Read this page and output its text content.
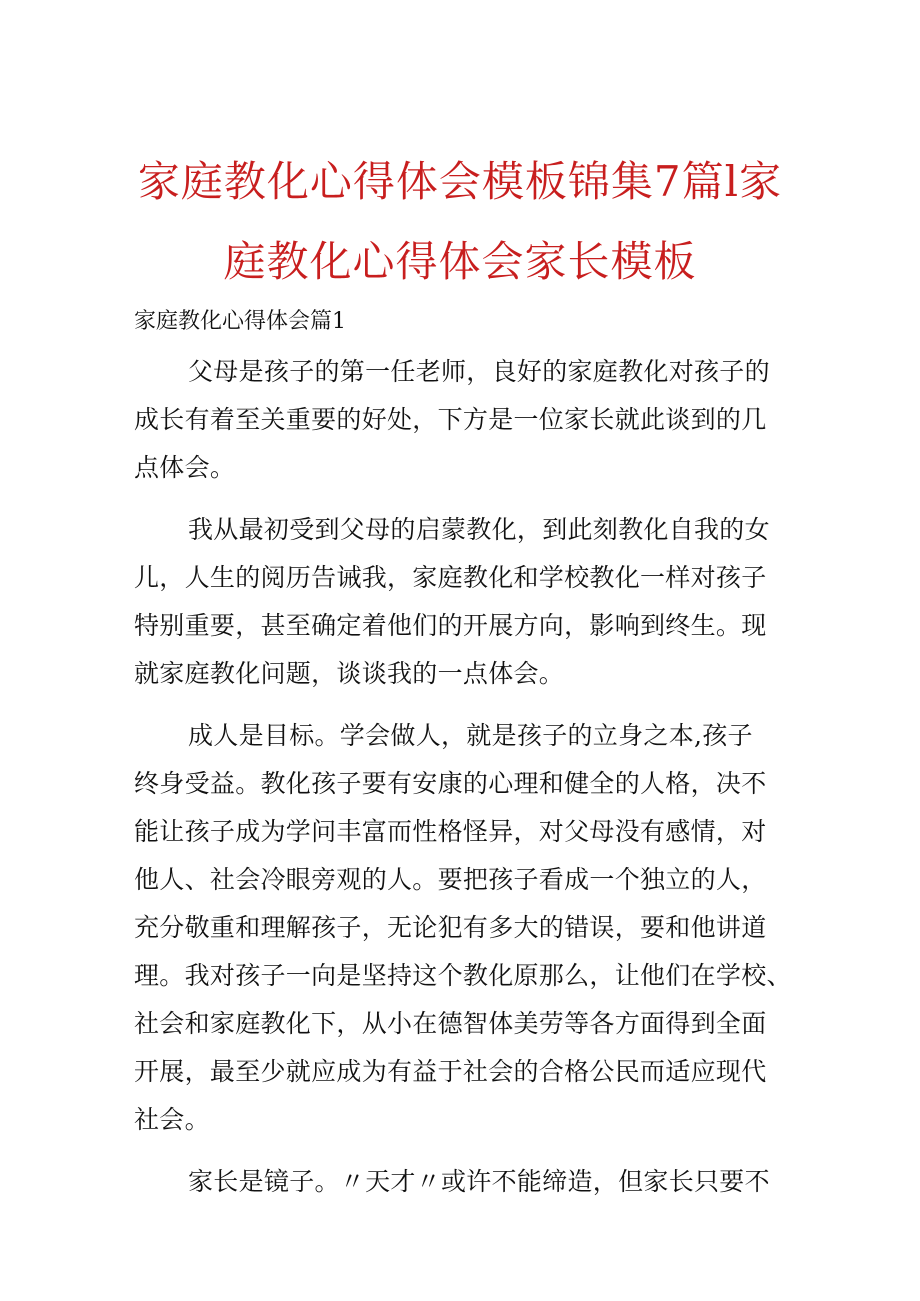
家庭教化心得体会模板锦集7篇l家
庭教化心得体会家长模板
家庭教化心得体会篇1

父母是孩子的第一任老师，良好的家庭教化对孩子的
成长有着至关重要的好处，下方是一位家长就此谈到的几
点体会。

我从最初受到父母的启蒙教化，到此刻教化自我的女
儿，人生的阅历告诫我，家庭教化和学校教化一样对孩子
特别重要，甚至确定着他们的开展方向，影响到终生。现
就家庭教化问题，谈谈我的一点体会。

成人是目标。学会做人，就是孩子的立身之本,孩子
终身受益。教化孩子要有安康的心理和健全的人格，决不
能让孩子成为学问丰富而性格怪异，对父母没有感情，对
他人、社会冷眼旁观的人。要把孩子看成一个独立的人，
充分敬重和理解孩子，无论犯有多大的错误，要和他讲道
理。我对孩子一向是坚持这个教化原那么，让他们在学校、
社会和家庭教化下，从小在德智体美劳等各方面得到全面
开展，最至少就应成为有益于社会的合格公民而适应现代
社会。

家长是镜子。〃天才〃或许不能缔造，但家长只要不
